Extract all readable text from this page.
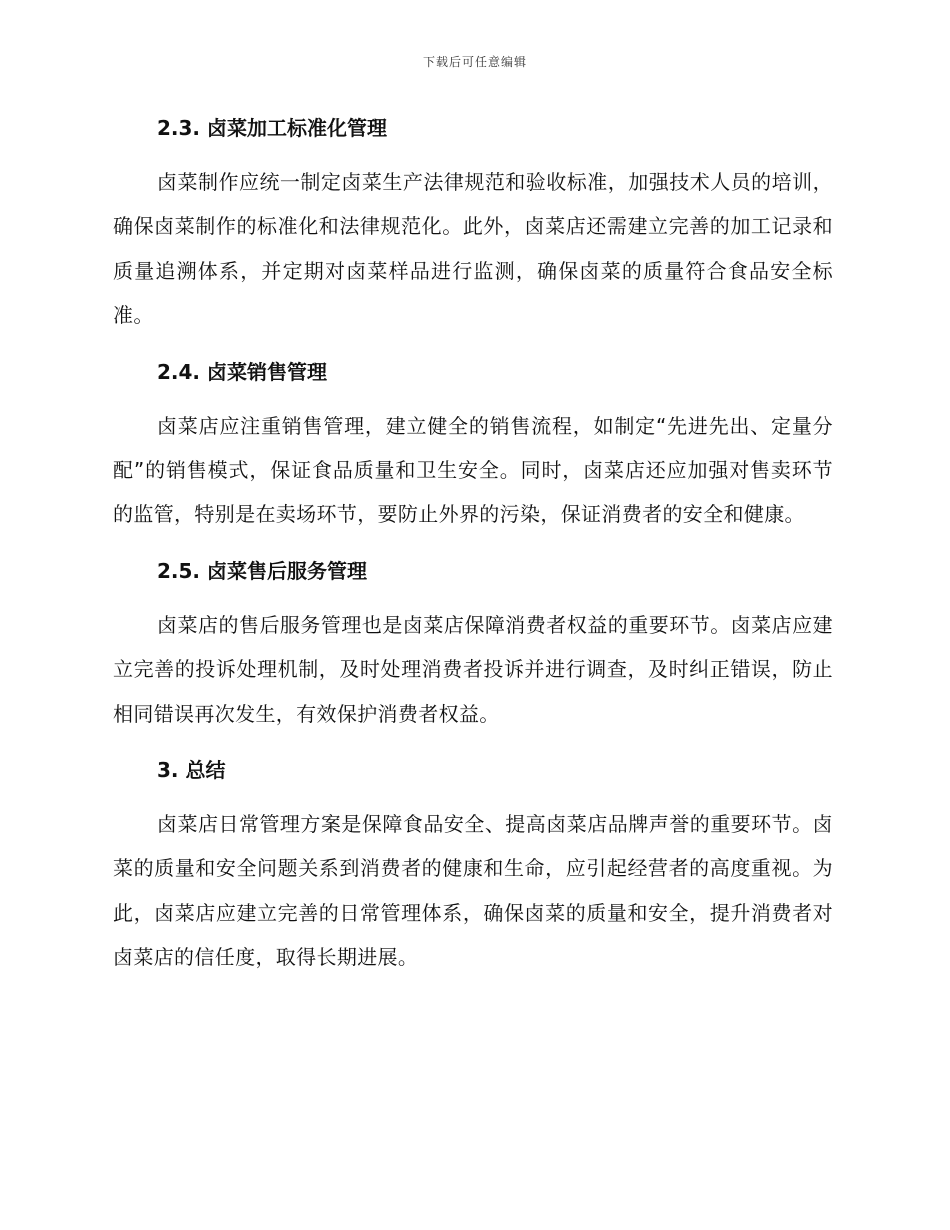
下载后可任意编辑
2.3. 卤菜加工标准化管理

卤菜制作应统一制定卤菜生产法律规范和验收标准，加强技术人员的培训，确保卤菜制作的标准化和法律规范化。此外，卤菜店还需建立完善的加工记录和质量追溯体系，并定期对卤菜样品进行监测，确保卤菜的质量符合食品安全标准。

2.4. 卤菜销售管理

卤菜店应注重销售管理，建立健全的销售流程，如制定“先进先出、定量分配”的销售模式，保证食品质量和卫生安全。同时，卤菜店还应加强对售卖环节的监管，特别是在卖场环节，要防止外界的污染，保证消费者的安全和健康。

2.5. 卤菜售后服务管理

卤菜店的售后服务管理也是卤菜店保障消费者权益的重要环节。卤菜店应建立完善的投诉处理机制，及时处理消费者投诉并进行调查，及时纠正错误，防止相同错误再次发生，有效保护消费者权益。

3. 总结

卤菜店日常管理方案是保障食品安全、提高卤菜店品牌声誉的重要环节。卤菜的质量和安全问题关系到消费者的健康和生命，应引起经营者的高度重视。为此，卤菜店应建立完善的日常管理体系，确保卤菜的质量和安全，提升消费者对卤菜店的信任度，取得长期进展。
